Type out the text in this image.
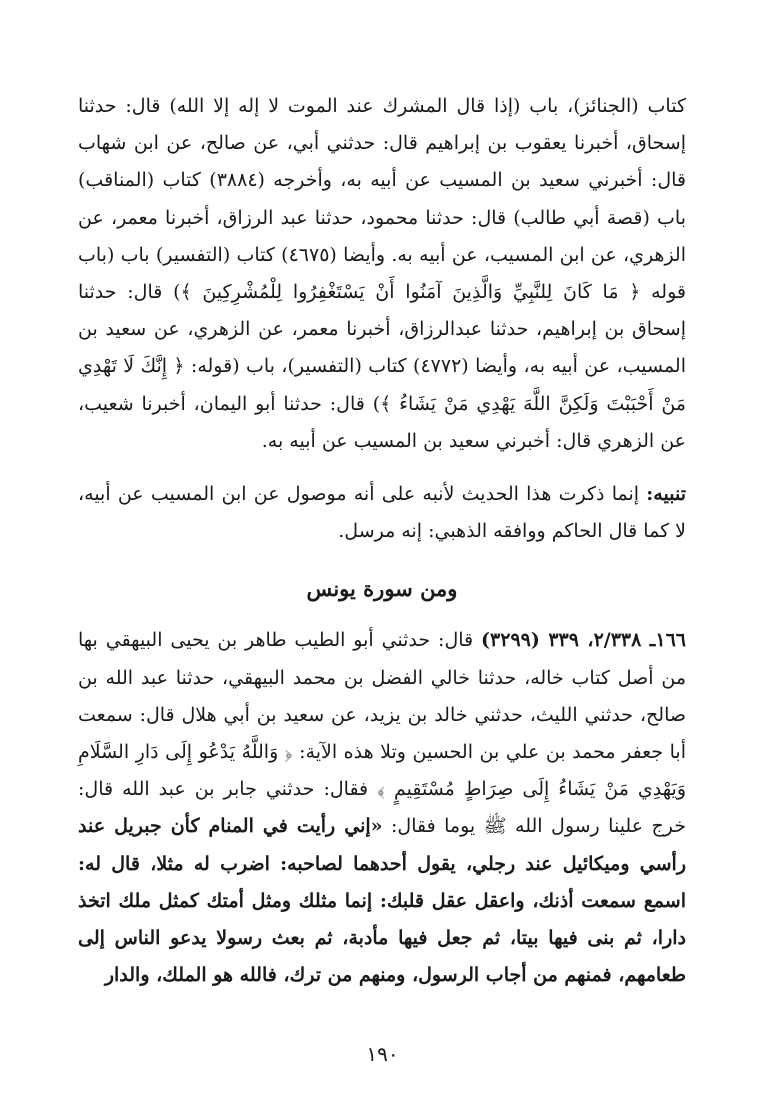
كتاب (الجنائز)، باب (إذا قال المشرك عند الموت لا إله إلا الله) قال: حدثنا إسحاق، أخبرنا يعقوب بن إبراهيم قال: حدثني أبي، عن صالح، عن ابن شهاب قال: أخبرني سعيد بن المسيب عن أبيه به، وأخرجه (٣٨٨٤) كتاب (المناقب) باب (قصة أبي طالب) قال: حدثنا محمود، حدثنا عبد الرزاق، أخبرنا معمر، عن الزهري، عن ابن المسيب، عن أبيه به. وأيضا (٤٦٧٥) كتاب (التفسير) باب (باب قوله ﴿ مَا كَانَ لِلنَّبِيِّ وَالَّذِينَ آمَنُوا أَنْ يَسْتَغْفِرُوا لِلْمُشْرِكِينَ ﴾) قال: حدثنا إسحاق بن إبراهيم، حدثنا عبدالرزاق، أخبرنا معمر، عن الزهري، عن سعيد بن المسيب، عن أبيه به، وأيضا (٤٧٧٢) كتاب (التفسير)، باب (قوله: ﴿ إِنَّكَ لَا تَهْدِي مَنْ أَحْبَبْتَ وَلَكِنَّ اللَّهَ يَهْدِي مَنْ يَشَاءُ ﴾) قال: حدثنا أبو اليمان، أخبرنا شعيب، عن الزهري قال: أخبرني سعيد بن المسيب عن أبيه به.

تنبيه: إنما ذكرت هذا الحديث لأنبه على أنه موصول عن ابن المسيب عن أبيه، لا كما قال الحاكم ووافقه الذهبي: إنه مرسل.

ومن سورة يونس

١٦٦ـ ٢/٣٣٨، ٣٣٩ (٣٢٩٩) قال: حدثني أبو الطيب طاهر بن يحيى البيهقي بها من أصل كتاب خاله، حدثنا خالي الفضل بن محمد البيهقي، حدثنا عبد الله بن صالح، حدثني الليث، حدثني خالد بن يزيد، عن سعيد بن أبي هلال قال: سمعت أبا جعفر محمد بن علي بن الحسين وتلا هذه الآية: ﴿ وَاللَّهُ يَدْعُو إِلَى دَارِ السَّلَامِ وَيَهْدِي مَنْ يَشَاءُ إِلَى صِرَاطٍ مُسْتَقِيمٍ ﴾ فقال: حدثني جابر بن عبد الله قال: خرج علينا رسول الله ﷺ يوما فقال: «إني رأيت في المنام كأن جبريل عند رأسي وميكائيل عند رجلي، يقول أحدهما لصاحبه: اضرب له مثلا، قال له: اسمع سمعت أذنك، واعقل عقل قلبك: إنما مثلك ومثل أمتك كمثل ملك اتخذ دارا، ثم بنى فيها بيتا، ثم جعل فيها مأدبة، ثم بعث رسولا يدعو الناس إلى طعامهم، فمنهم من أجاب الرسول، ومنهم من ترك، فالله هو الملك، والدار

١٩٠
